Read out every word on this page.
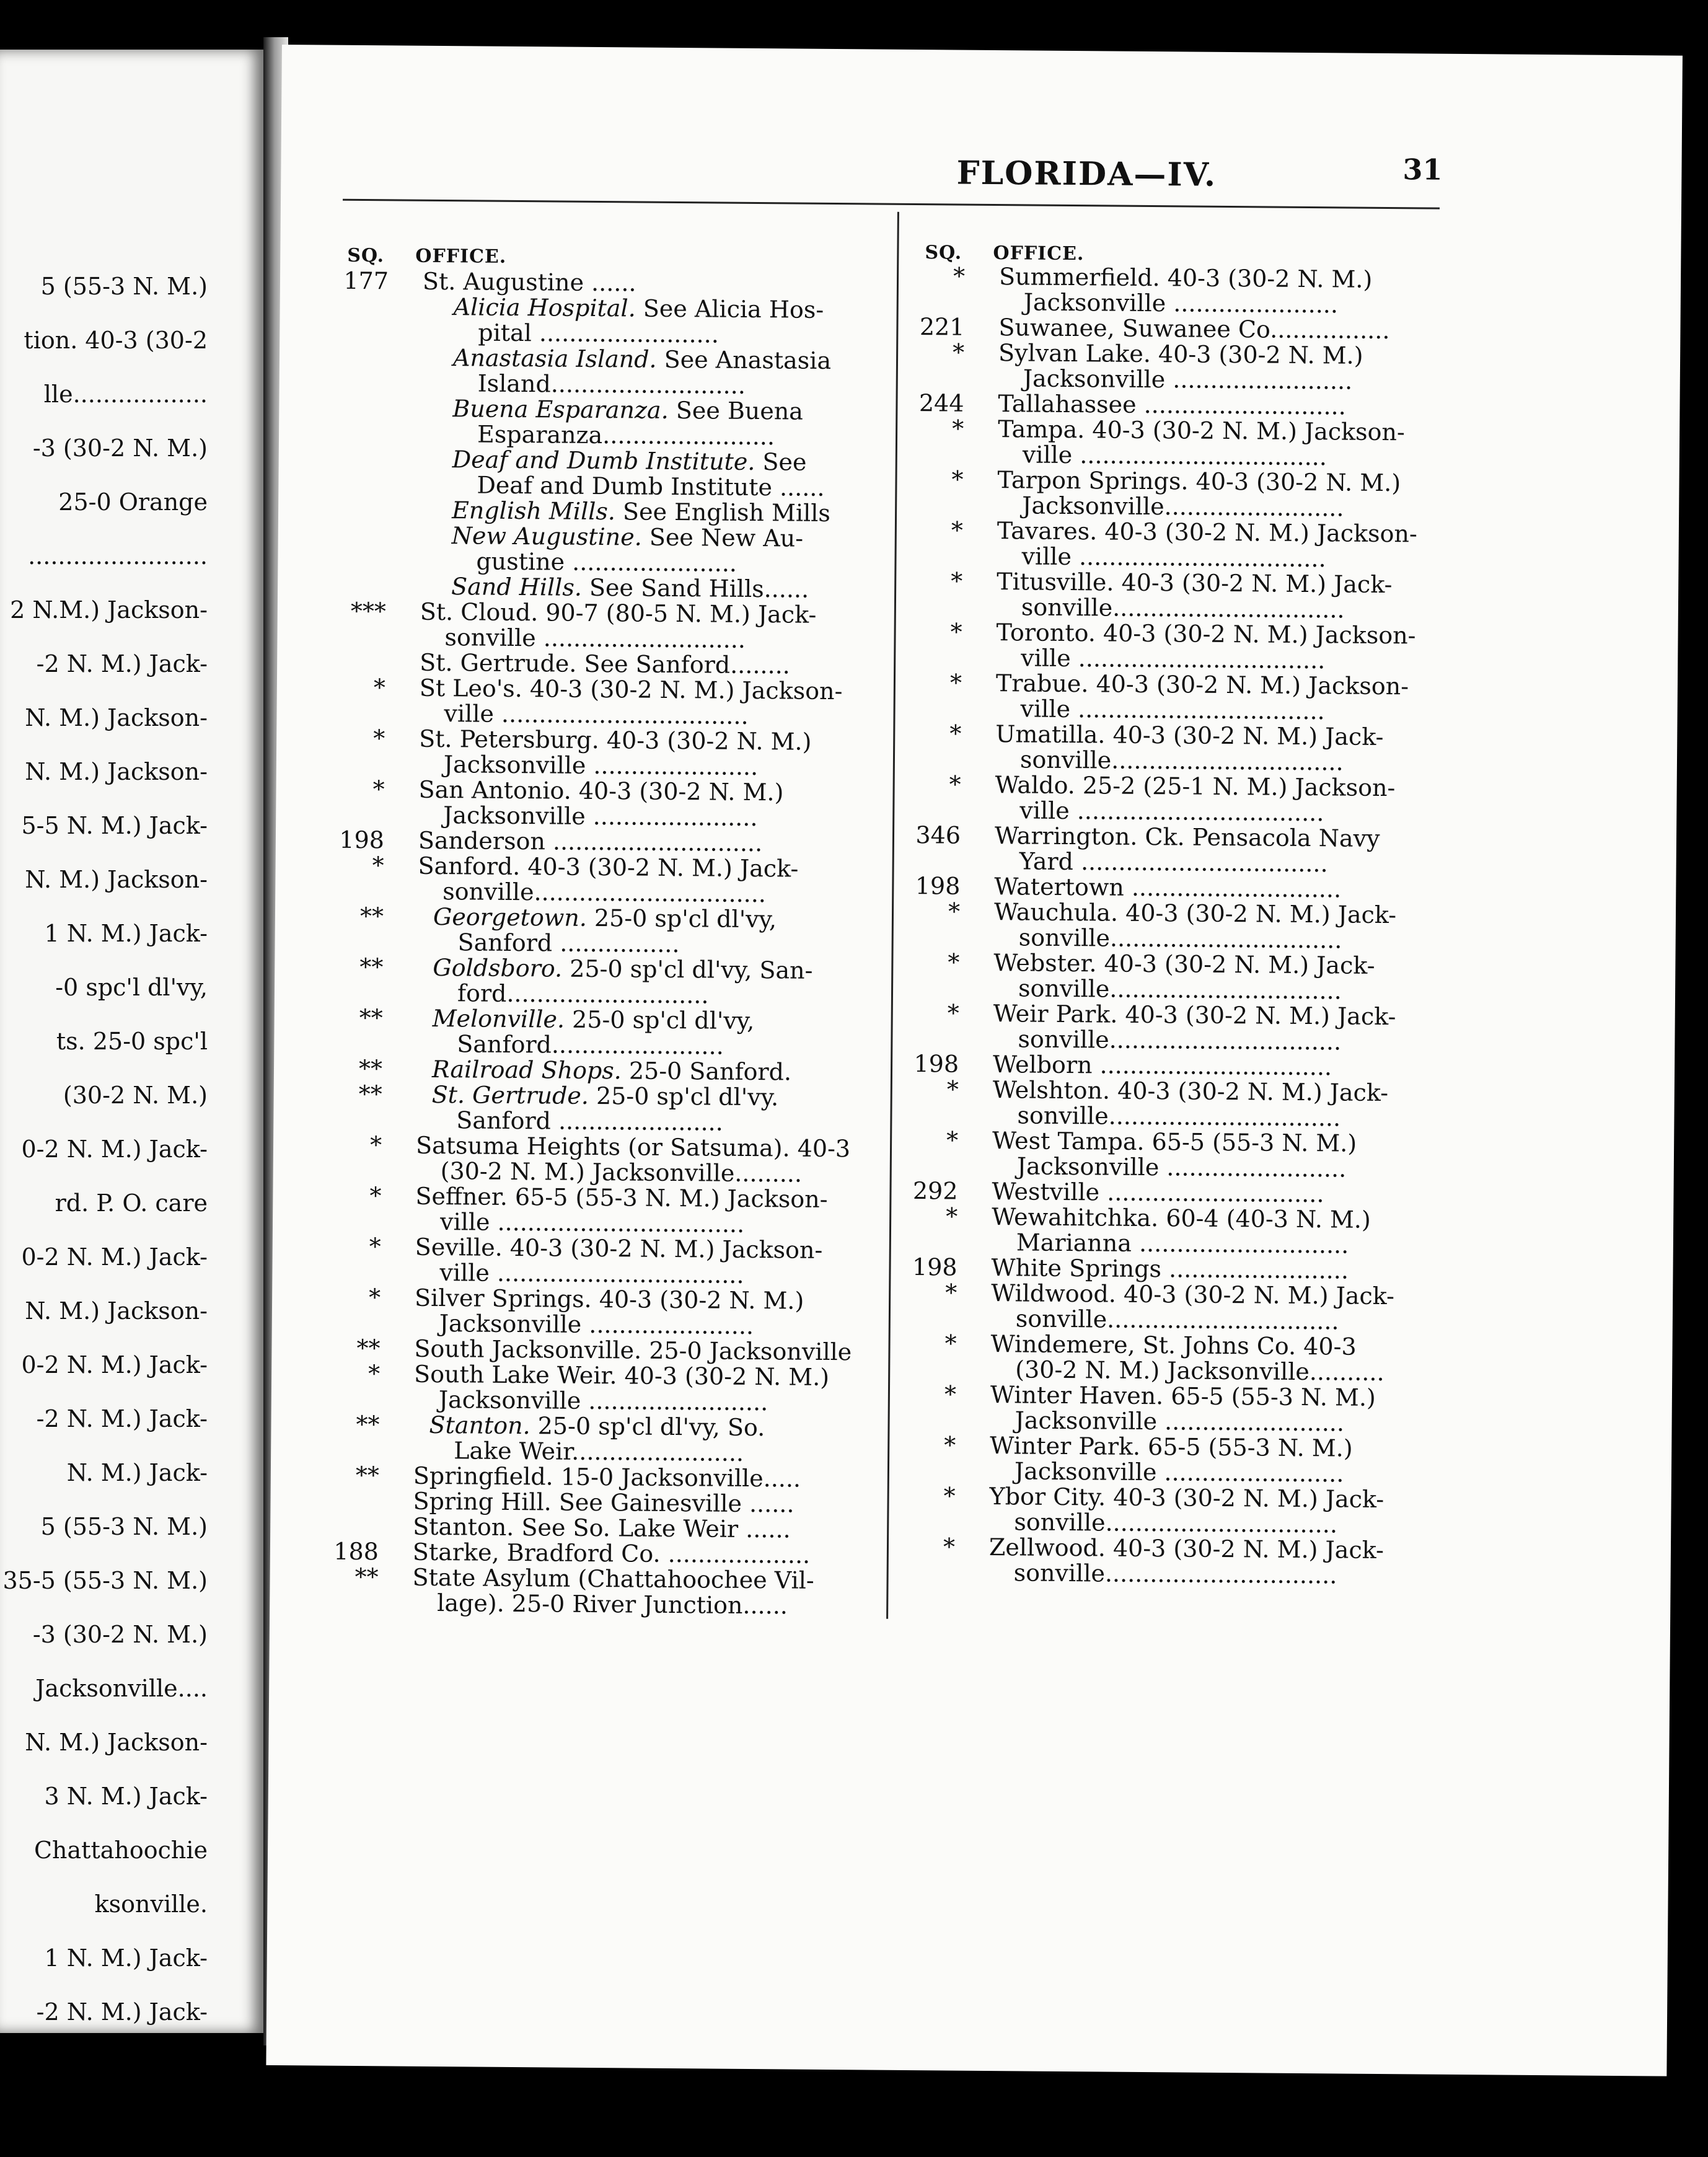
5 (55-3 N. M.)
tion. 40-3 (30-2
lle..................
-3 (30-2 N. M.)
25-0 Orange
........................
2 N.M.) Jackson-
-2 N. M.) Jack-
N. M.) Jackson-
N. M.) Jackson-
5-5 N. M.) Jack-
N. M.) Jackson-
1 N. M.) Jack-
-0 spc'l dl'vy,
ts. 25-0 spc'l
(30-2 N. M.)
0-2 N. M.) Jack-
rd. P. O. care
0-2 N. M.) Jack-
N. M.) Jackson-
0-2 N. M.) Jack-
-2 N. M.) Jack-
N. M.) Jack-
5 (55-3 N. M.)
35-5 (55-3 N. M.)
-3 (30-2 N. M.)
Jacksonville....
N. M.) Jackson-
3 N. M.) Jack-
Chattahoochie
ksonville.
1 N. M.) Jack-
-2 N. M.) Jack-
FLORIDA—IV.	31
SQ. OFFICE.	SQ. OFFICE.
177 St. Augustine ......
Alicia Hospital. See Alicia Hos-
pital ........................
Anastasia Island. See Anastasia
Island..........................
Buena Esparanza. See Buena
Esparanza.......................
Deaf and Dumb Institute. See
Deaf and Dumb Institute ......
English Mills. See English Mills
New Augustine. See New Au-
gustine ......................
Sand Hills. See Sand Hills......
*** St. Cloud. 90-7 (80-5 N. M.) Jack-
sonville ...........................
St. Gertrude. See Sanford........
* St Leo's. 40-3 (30-2 N. M.) Jackson-
ville .................................
* St. Petersburg. 40-3 (30-2 N. M.)
Jacksonville ......................
* San Antonio. 40-3 (30-2 N. M.)
Jacksonville ......................
198 Sanderson ............................
* Sanford. 40-3 (30-2 N. M.) Jack-
sonville...............................
** Georgetown. 25-0 sp'cl dl'vy,
Sanford ................
** Goldsboro. 25-0 sp'cl dl'vy, San-
ford...........................
** Melonville. 25-0 sp'cl dl'vy,
Sanford.......................
** Railroad Shops. 25-0 Sanford.
** St. Gertrude. 25-0 sp'cl dl'vy.
Sanford ......................
* Satsuma Heights (or Satsuma). 40-3
(30-2 N. M.) Jacksonville.........
* Seffner. 65-5 (55-3 N. M.) Jackson-
ville .................................
* Seville. 40-3 (30-2 N. M.) Jackson-
ville .................................
* Silver Springs. 40-3 (30-2 N. M.)
Jacksonville ......................
** South Jacksonville. 25-0 Jacksonville
* South Lake Weir. 40-3 (30-2 N. M.)
Jacksonville ........................
** Stanton. 25-0 sp'cl dl'vy, So.
Lake Weir.......................
** Springfield. 15-0 Jacksonville.....
Spring Hill. See Gainesville ......
Stanton. See So. Lake Weir ......
188 Starke, Bradford Co. ...................
** State Asylum (Chattahoochee Vil-
lage). 25-0 River Junction......
* Summerfield. 40-3 (30-2 N. M.)
Jacksonville ......................
221 Suwanee, Suwanee Co................
* Sylvan Lake. 40-3 (30-2 N. M.)
Jacksonville ........................
244 Tallahassee ...........................
* Tampa. 40-3 (30-2 N. M.) Jackson-
ville .................................
* Tarpon Springs. 40-3 (30-2 N. M.)
Jacksonville........................
* Tavares. 40-3 (30-2 N. M.) Jackson-
ville .................................
* Titusville. 40-3 (30-2 N. M.) Jack-
sonville...............................
* Toronto. 40-3 (30-2 N. M.) Jackson-
ville .................................
* Trabue. 40-3 (30-2 N. M.) Jackson-
ville .................................
* Umatilla. 40-3 (30-2 N. M.) Jack-
sonville...............................
* Waldo. 25-2 (25-1 N. M.) Jackson-
ville .................................
346 Warrington. Ck. Pensacola Navy
Yard .................................
198 Watertown ............................
* Wauchula. 40-3 (30-2 N. M.) Jack-
sonville...............................
* Webster. 40-3 (30-2 N. M.) Jack-
sonville...............................
* Weir Park. 40-3 (30-2 N. M.) Jack-
sonville...............................
198 Welborn ...............................
* Welshton. 40-3 (30-2 N. M.) Jack-
sonville...............................
* West Tampa. 65-5 (55-3 N. M.)
Jacksonville ........................
292 Westville .............................
* Wewahitchka. 60-4 (40-3 N. M.)
Marianna ............................
198 White Springs ........................
* Wildwood. 40-3 (30-2 N. M.) Jack-
sonville...............................
* Windemere, St. Johns Co. 40-3
(30-2 N. M.) Jacksonville..........
* Winter Haven. 65-5 (55-3 N. M.)
Jacksonville ........................
* Winter Park. 65-5 (55-3 N. M.)
Jacksonville ........................
* Ybor City. 40-3 (30-2 N. M.) Jack-
sonville...............................
* Zellwood. 40-3 (30-2 N. M.) Jack-
sonville...............................
